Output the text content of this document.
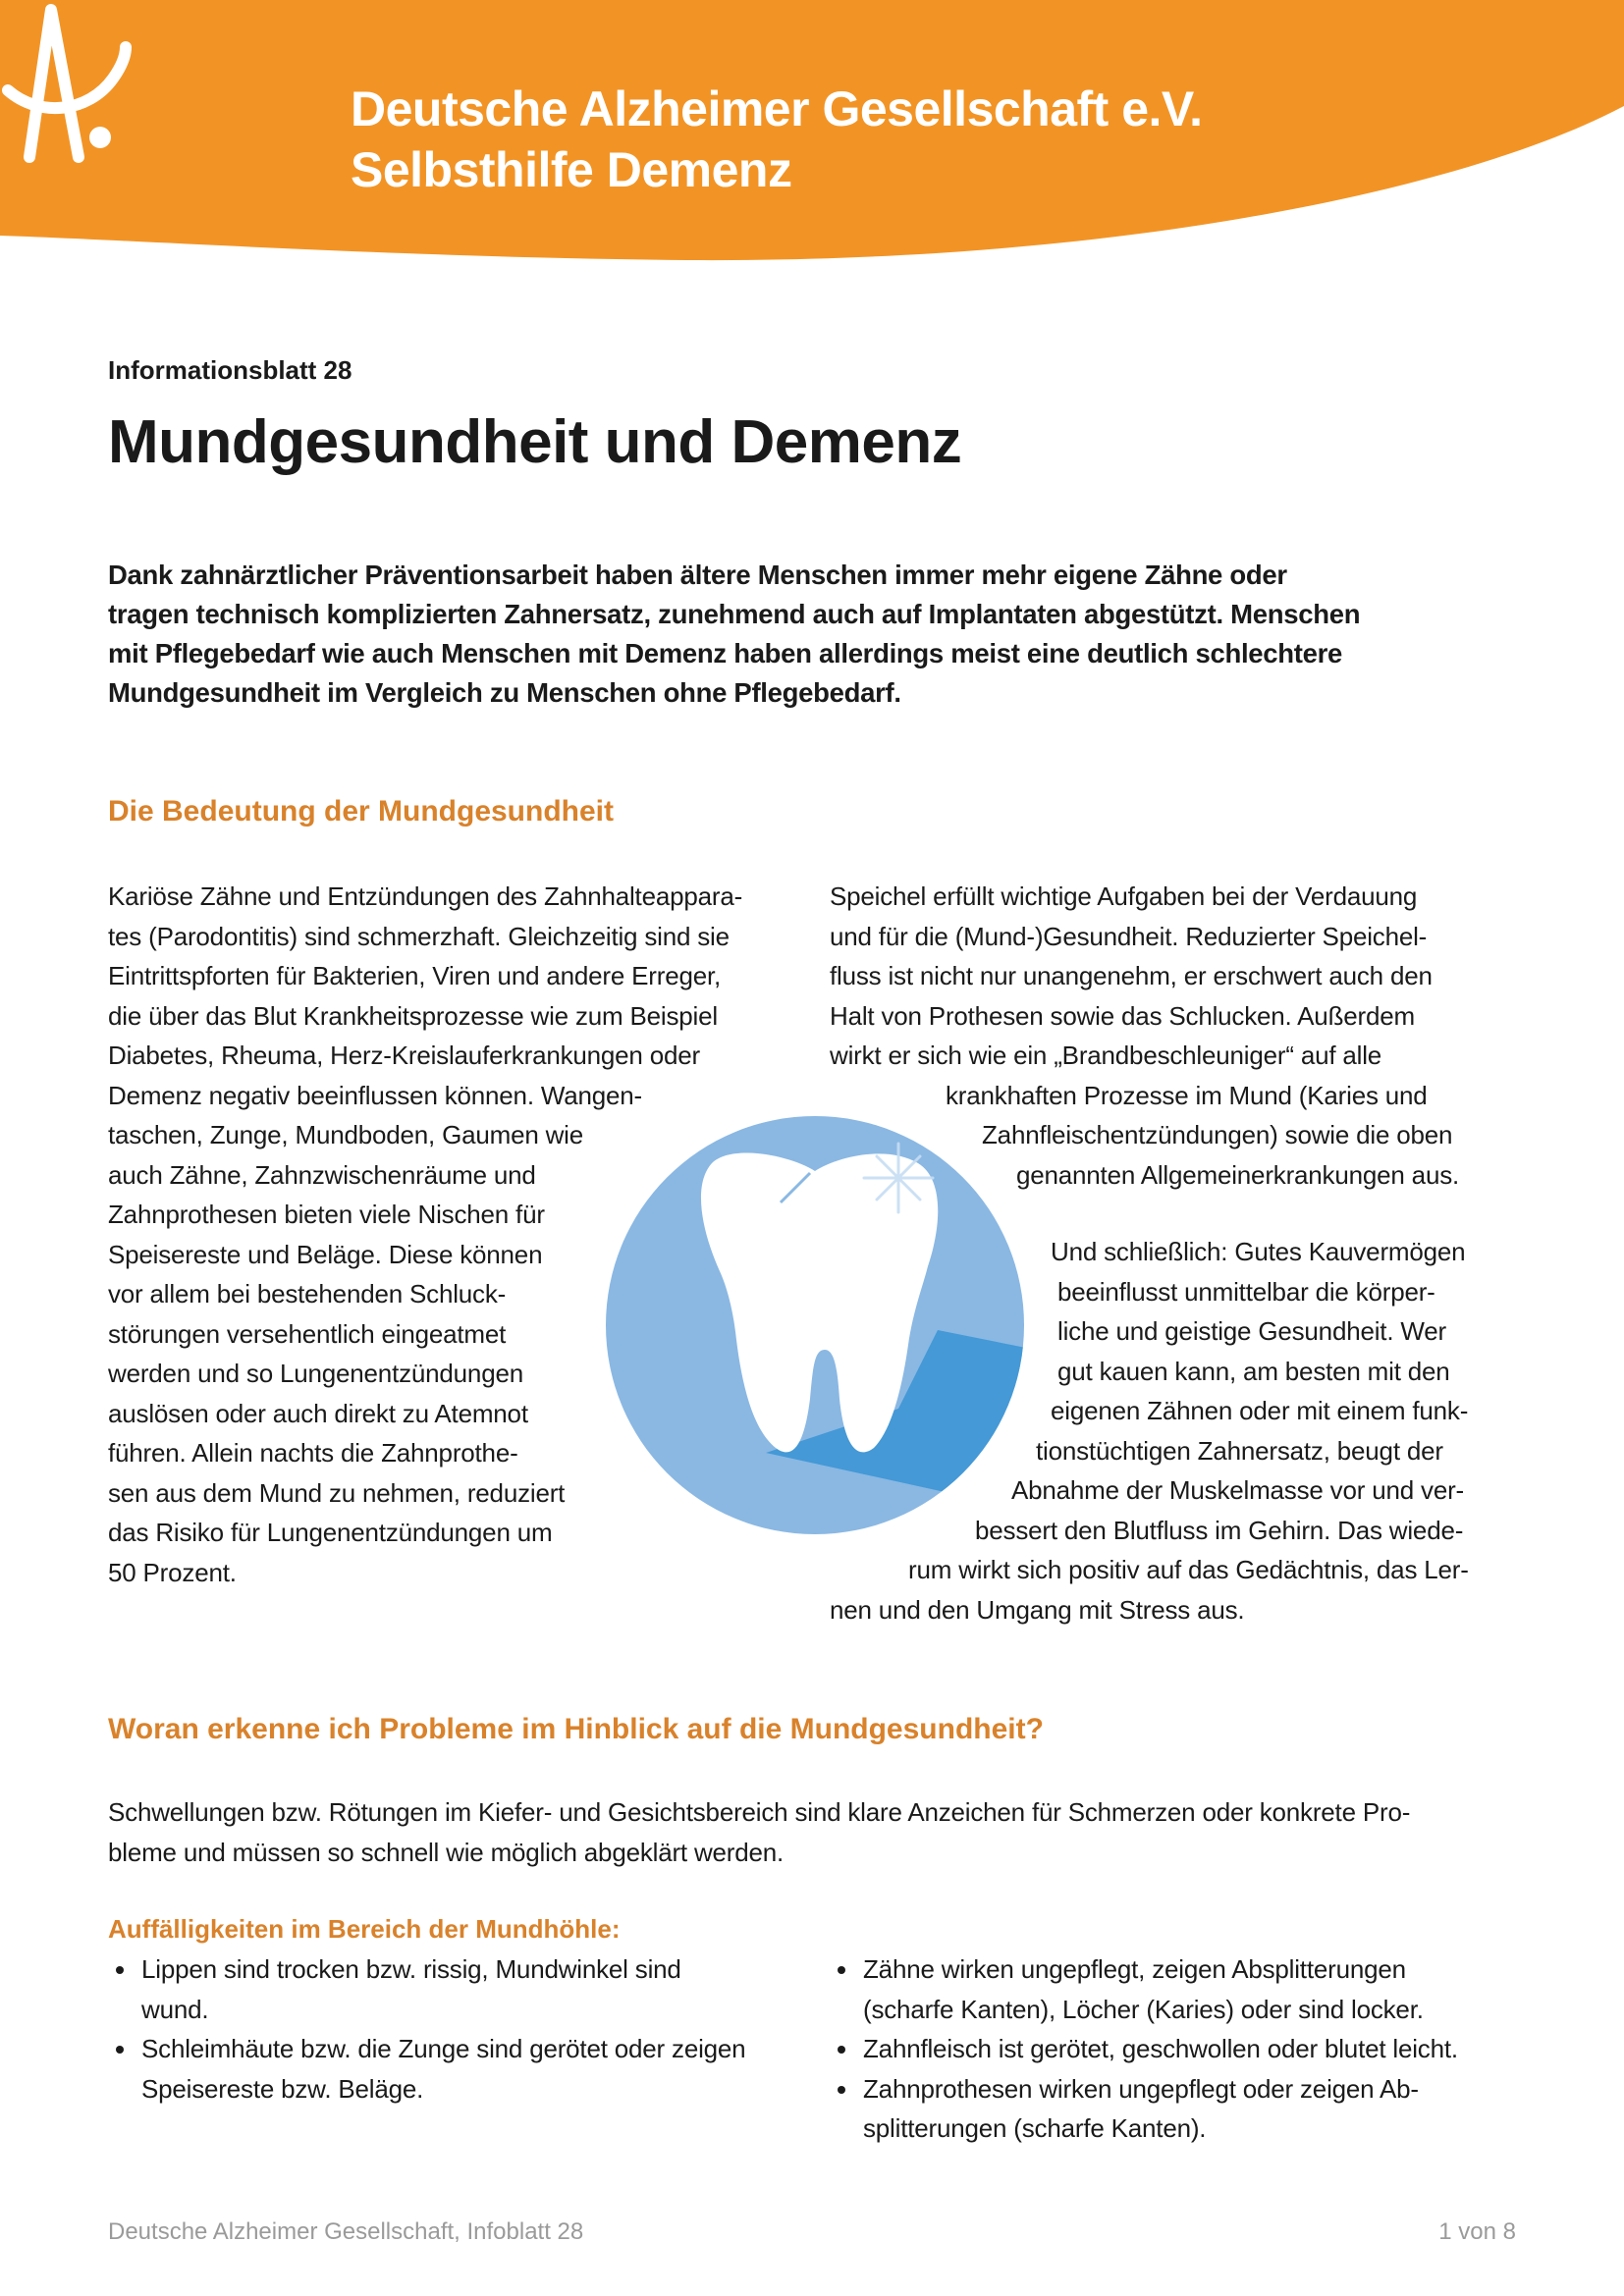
Deutsche Alzheimer Gesellschaft e.V.
Selbsthilfe Demenz
Informationsblatt 28
Mundgesundheit und Demenz
Dank zahnärztlicher Präventionsarbeit haben ältere Menschen immer mehr eigene Zähne oder
tragen technisch komplizierten Zahnersatz, zunehmend auch auf Implantaten abgestützt. Menschen
mit Pflegebedarf wie auch Menschen mit Demenz haben allerdings meist eine deutlich schlechtere
Mundgesundheit im Vergleich zu Menschen ohne Pflegebedarf.
Die Bedeutung der Mundgesundheit
Kariöse Zähne und Entzündungen des Zahnhalteappara-
tes (Parodontitis) sind schmerzhaft. Gleichzeitig sind sie
Eintrittspforten für Bakterien, Viren und andere Erreger,
die über das Blut Krankheitsprozesse wie zum Beispiel
Diabetes, Rheuma, Herz-Kreislauferkrankungen oder
Demenz negativ beeinflussen können. Wangen-
taschen, Zunge, Mundboden, Gaumen wie
auch Zähne, Zahnzwischenräume und
Zahnprothesen bieten viele Nischen für
Speisereste und Beläge. Diese können
vor allem bei bestehenden Schluck-
störungen versehentlich eingeatmet
werden und so Lungenentzündungen
auslösen oder auch direkt zu Atemnot
führen. Allein nachts die Zahnprothe-
sen aus dem Mund zu nehmen, reduziert
das Risiko für Lungenentzündungen um
50 Prozent.
Speichel erfüllt wichtige Aufgaben bei der Verdauung
und für die (Mund-)Gesundheit. Reduzierter Speichel-
fluss ist nicht nur unangenehm, er erschwert auch den
Halt von Prothesen sowie das Schlucken. Außerdem
wirkt er sich wie ein „Brandbeschleuniger“ auf alle
krankhaften Prozesse im Mund (Karies und
Zahnfleischentzündungen) sowie die oben
genannten Allgemeinerkrankungen aus.
Und schließlich: Gutes Kauvermögen
beeinflusst unmittelbar die körper-
liche und geistige Gesundheit. Wer
gut kauen kann, am besten mit den
eigenen Zähnen oder mit einem funk-
tionstüchtigen Zahnersatz, beugt der
Abnahme der Muskelmasse vor und ver-
bessert den Blutfluss im Gehirn. Das wiede-
rum wirkt sich positiv auf das Gedächtnis, das Ler-
nen und den Umgang mit Stress aus.
Woran erkenne ich Probleme im Hinblick auf die Mundgesundheit?
Schwellungen bzw. Rötungen im Kiefer- und Gesichtsbereich sind klare Anzeichen für Schmerzen oder konkrete Pro-
bleme und müssen so schnell wie möglich abgeklärt werden.
Auffälligkeiten im Bereich der Mundhöhle:
Lippen sind trocken bzw. rissig, Mundwinkel sind
wund.
Schleimhäute bzw. die Zunge sind gerötet oder zeigen
Speisereste bzw. Beläge.
Zähne wirken ungepflegt, zeigen Absplitterungen
(scharfe Kanten), Löcher (Karies) oder sind locker.
Zahnfleisch ist gerötet, geschwollen oder blutet leicht.
Zahnprothesen wirken ungepflegt oder zeigen Ab-
splitterungen (scharfe Kanten).
Deutsche Alzheimer Gesellschaft, Infoblatt 28	1 von 8
